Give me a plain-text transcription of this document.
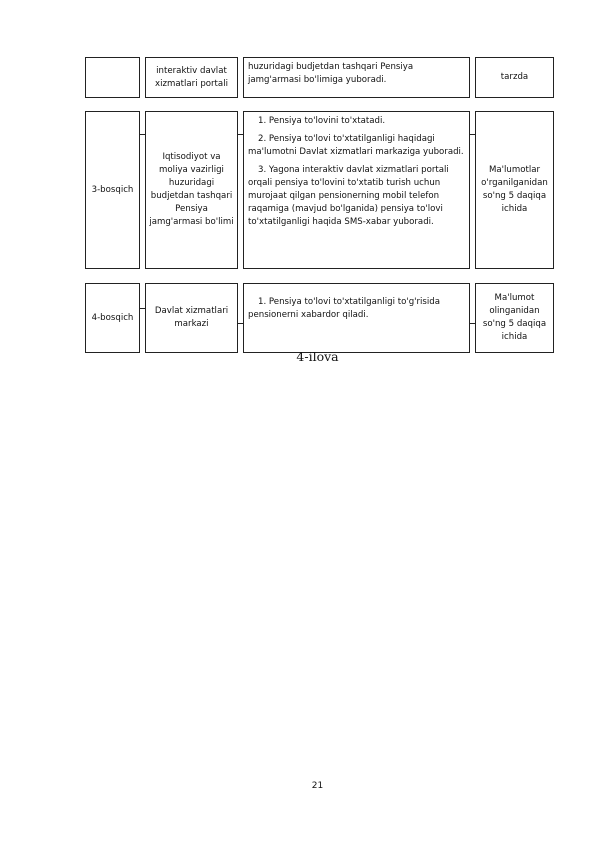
interaktiv davlat xizmatlari portali

huzuridagi budjetdan tashqari Pensiya jamg'armasi bo'limiga yuboradi.	tarzda
3-bosqich
Iqtisodiyot va moliya vazirligi huzuridagi budjetdan tashqari Pensiya jamg'armasi bo'limi

1. Pensiya to'lovini to'xtatadi.

2. Pensiya to'lovi to'xtatilganligi haqidagi ma'lumotni Davlat xizmatlari markaziga yuboradi.

3. Yagona interaktiv davlat xizmatlari portali orqali pensiya to'lovini to'xtatib turish uchun murojaat qilgan pensionerning mobil telefon raqamiga (mavjud bo'lganida) pensiya to'lovi to'xtatilganligi haqida SMS-xabar yuboradi.

Ma'lumotlar o'rganilganidan so'ng 5 daqiqa ichida
4-bosqich
Davlat xizmatlari markazi

1. Pensiya to'lovi to'xtatilganligi to'g'risida pensionerni xabardor qiladi.

Ma'lumot olinganidan so'ng 5 daqiqa ichida
4-ilova
21
